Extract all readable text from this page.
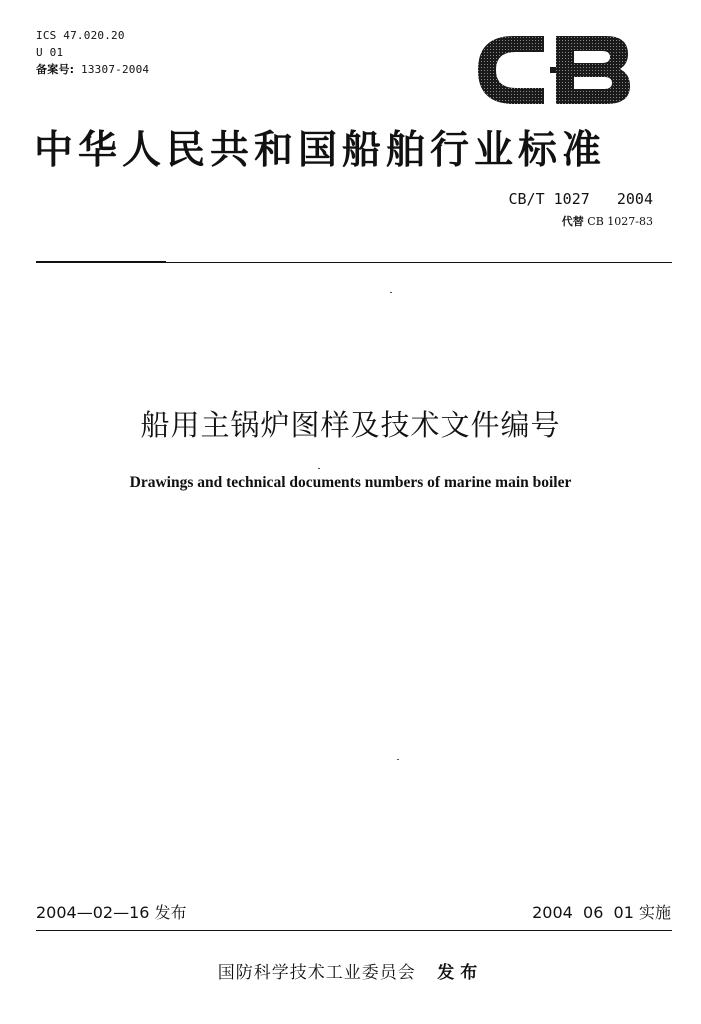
ICS 47.020.20
U 01
备案号: 13307-2004
中华人民共和国船舶行业标准
CB/T 1027   2004
代替 CB 1027-83
船用主锅炉图样及技术文件编号
Drawings and technical documents numbers of marine main boiler
2004—02—16 发布	2004  06  01 实施
国防科学技术工业委员会 发布
